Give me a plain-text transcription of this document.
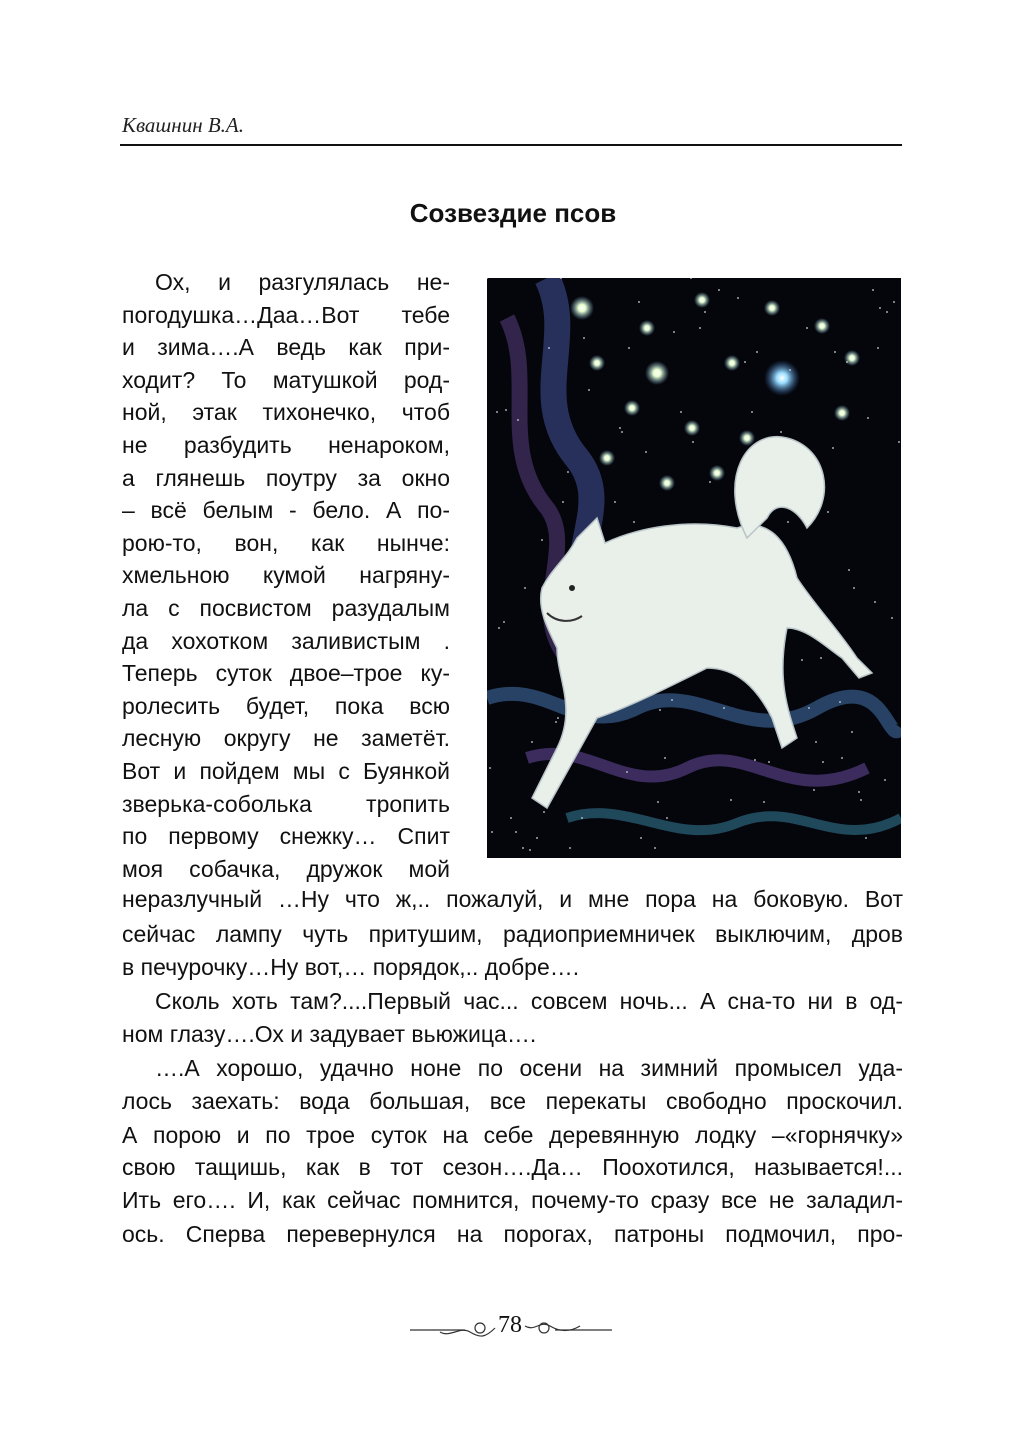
Квашнин В.А.
Созвездие псов
Ох, и разгулялась не-
погодушка…Даа…Вот тебе
и зима….А ведь как при-
ходит? То матушкой род-
ной, этак тихонечко, чтоб
не разбудить ненароком,
а глянешь поутру за окно
– всё белым - бело. А по-
рою-то, вон, как нынче:
хмельною кумой нагряну-
ла с посвистом разудалым
да хохотком заливистым .
Теперь суток двое–трое ку-
ролесить будет, пока всю
лесную округу не заметёт.
Вот и пойдем мы с Буянкой
зверька-соболька тропить
по первому снежку… Спит
моя собачка, дружок мой
неразлучный …Ну что ж,.. пожалуй, и мне пора на боковую. Вот
сейчас лампу чуть притушим, радиоприемничек выключим, дров
в печурочку…Ну вот,… порядок,.. добре….
Сколь хоть там?....Первый час... совсем ночь... А сна-то ни в од-
ном глазу….Ох и задувает вьюжица….
….А хорошо, удачно ноне по осени на зимний промысел уда-
лось заехать: вода большая, все перекаты свободно проскочил.
А порою и по трое суток на себе деревянную лодку –«горнячку»
свою тащишь, как в тот сезон….Да… Поохотился, называется!...
Ить его…. И, как сейчас помнится, почему-то сразу все не заладил-
ось. Сперва перевернулся на порогах, патроны подмочил, про-
78
